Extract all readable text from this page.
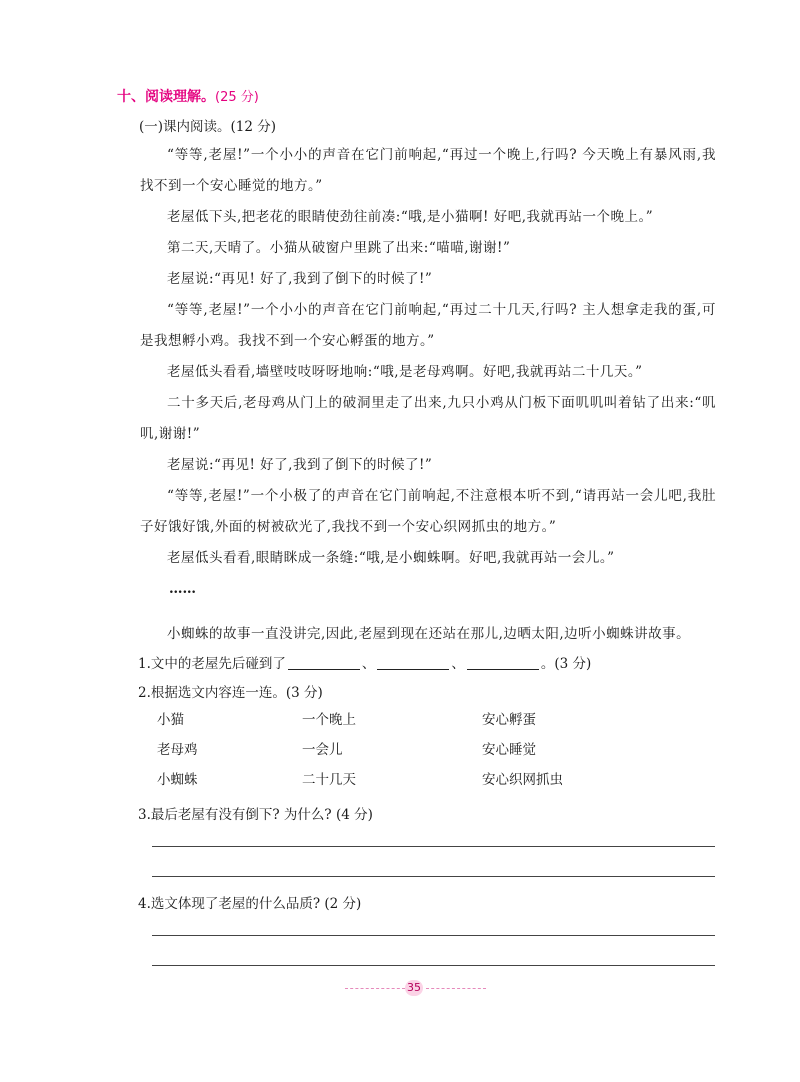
十、阅读理解。(25 分)
(一)课内阅读。(12 分)

“等等,老屋!”一个小小的声音在它门前响起,“再过一个晚上,行吗? 今天晚上有暴风雨,我找不到一个安心睡觉的地方。”

老屋低下头,把老花的眼睛使劲往前凑:“哦,是小猫啊! 好吧,我就再站一个晚上。”

第二天,天晴了。小猫从破窗户里跳了出来:“喵喵,谢谢!”

老屋说:“再见! 好了,我到了倒下的时候了!”

“等等,老屋!”一个小小的声音在它门前响起,“再过二十几天,行吗? 主人想拿走我的蛋,可是我想孵小鸡。我找不到一个安心孵蛋的地方。”

老屋低头看看,墙壁吱吱呀呀地响:“哦,是老母鸡啊。好吧,我就再站二十几天。”

二十多天后,老母鸡从门上的破洞里走了出来,九只小鸡从门板下面叽叽叫着钻了出来:“叽叽,谢谢!”

老屋说:“再见! 好了,我到了倒下的时候了!”

“等等,老屋!”一个小极了的声音在它门前响起,不注意根本听不到,“请再站一会儿吧,我肚子好饿好饿,外面的树被砍光了,我找不到一个安心织网抓虫的地方。”

老屋低头看看,眼睛眯成一条缝:“哦,是小蜘蛛啊。好吧,我就再站一会儿。”

……

小蜘蛛的故事一直没讲完,因此,老屋到现在还站在那儿,边晒太阳,边听小蜘蛛讲故事。

1.文中的老屋先后碰到了	、	、	。(3 分)
2.根据选文内容连一连。(3 分)
小猫	一个晚上	安心孵蛋
老母鸡	一会儿	安心睡觉
小蜘蛛	二十几天	安心织网抓虫
3.最后老屋有没有倒下? 为什么? (4 分)
4.选文体现了老屋的什么品质? (2 分)
35
